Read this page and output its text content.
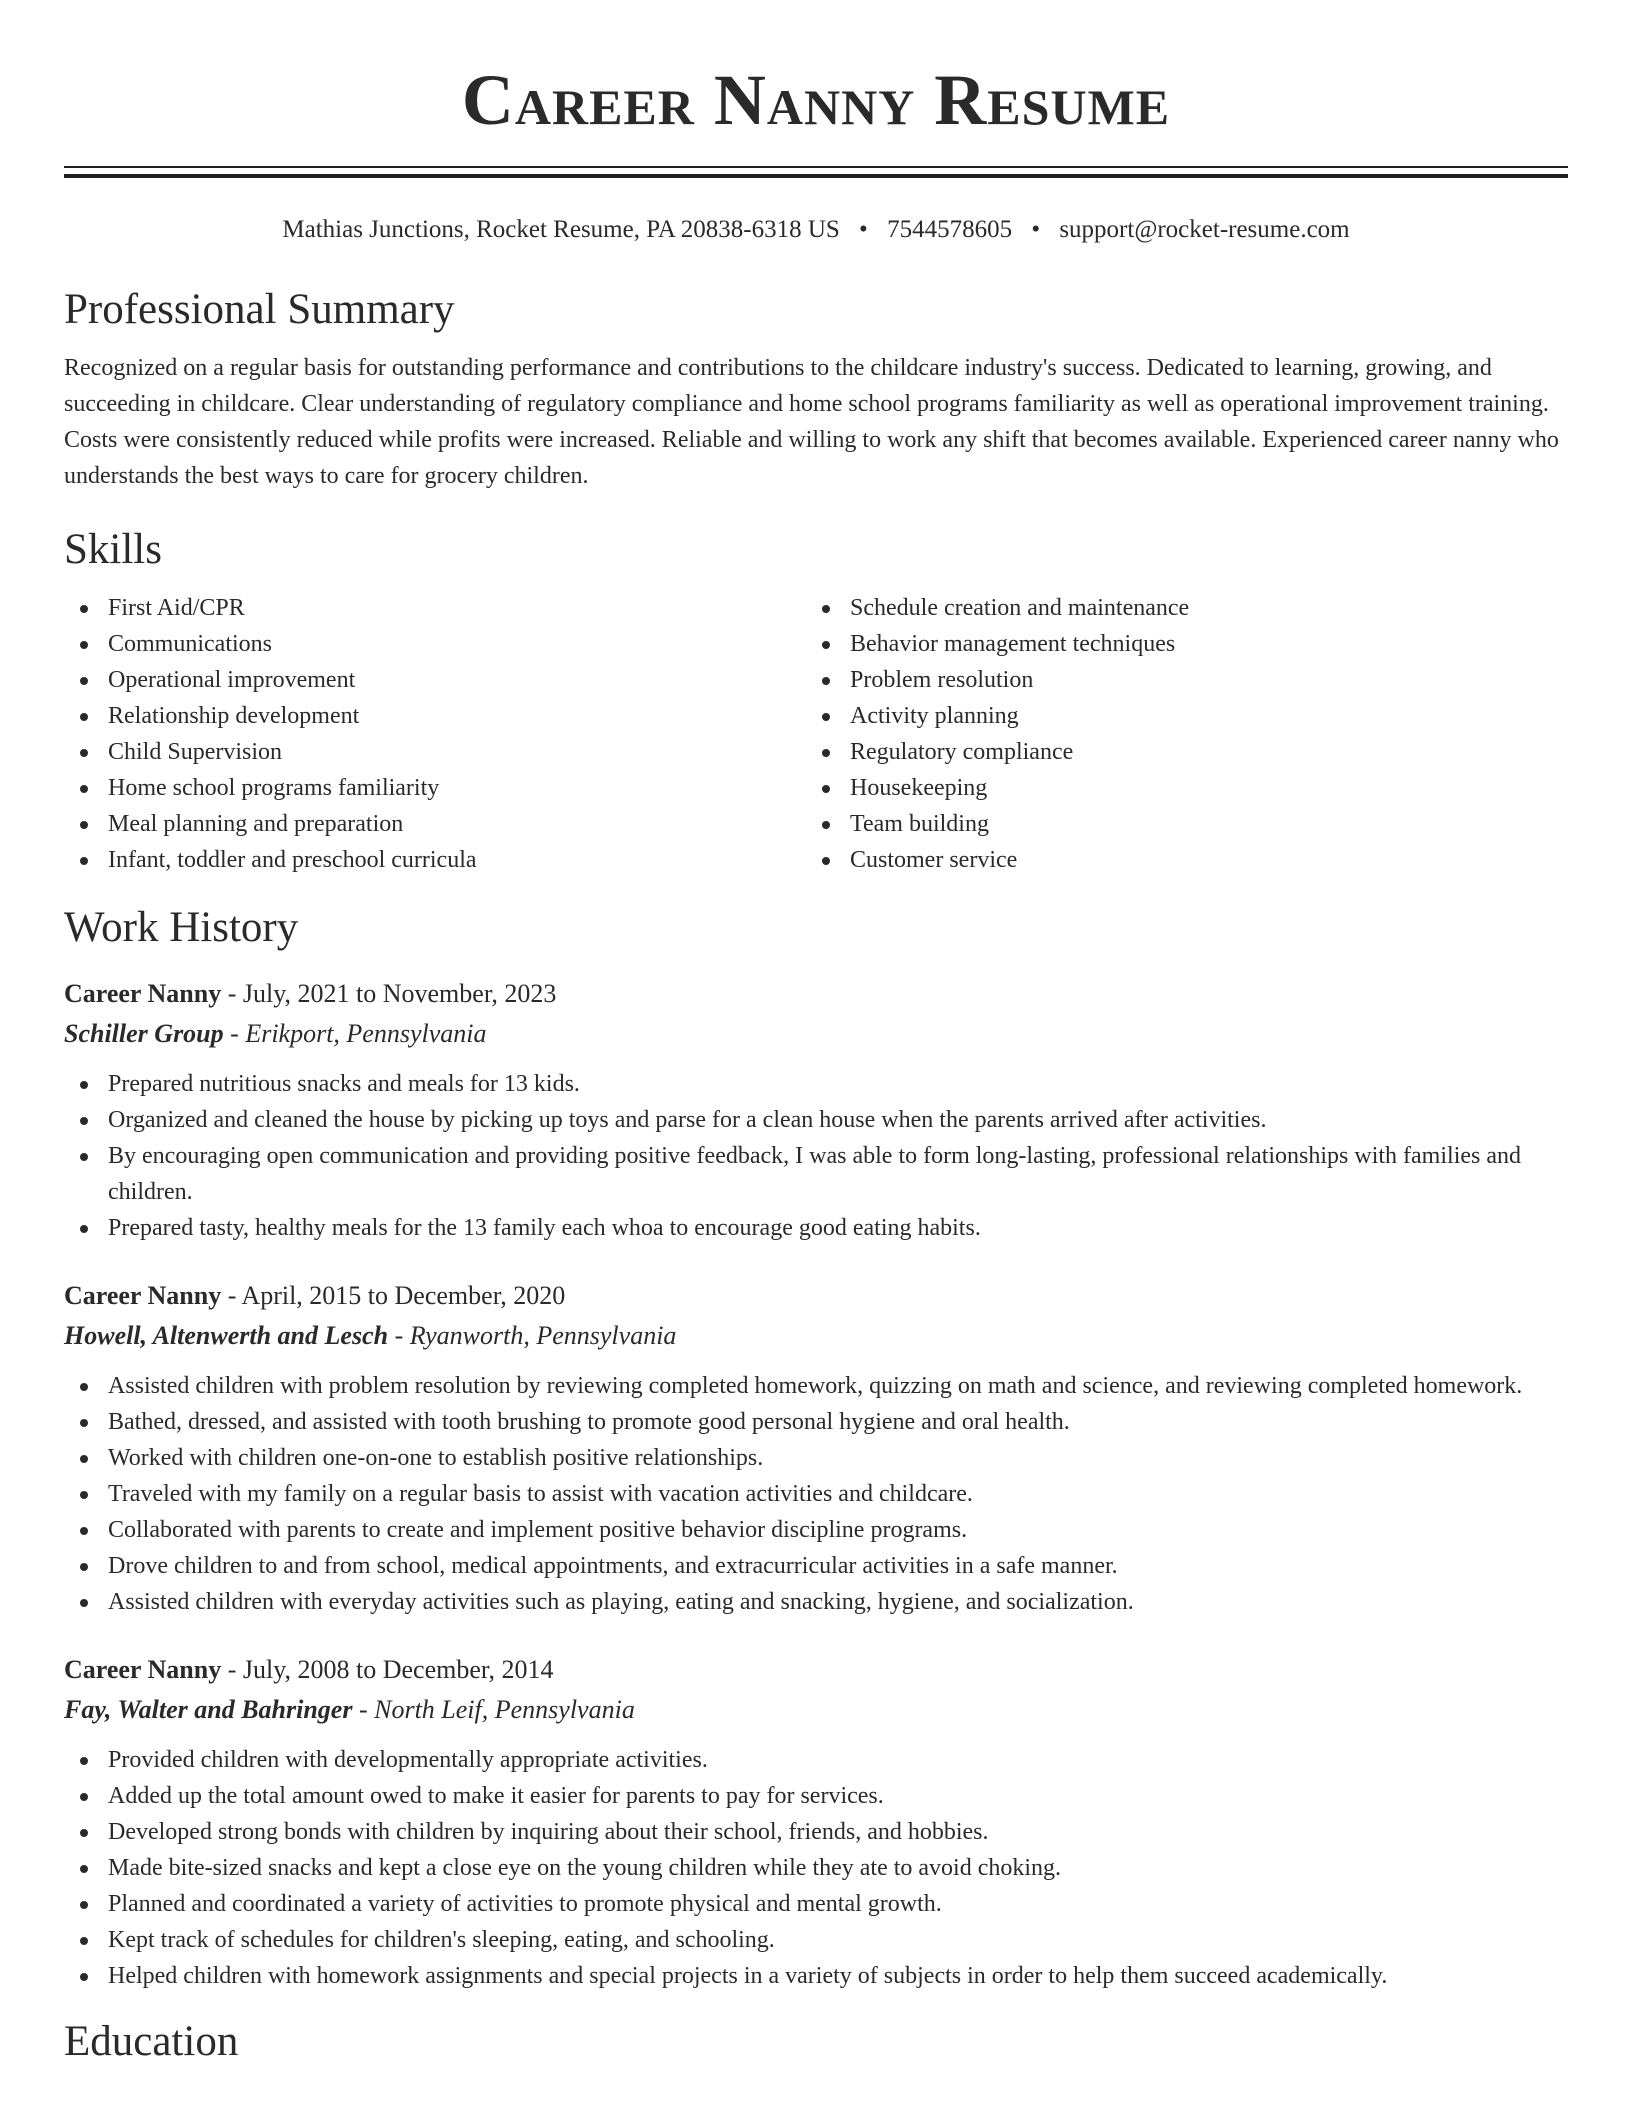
Career Nanny Resume
Mathias Junctions, Rocket Resume, PA 20838-6318 US • 7544578605 • support@rocket-resume.com
Professional Summary
Recognized on a regular basis for outstanding performance and contributions to the childcare industry's success. Dedicated to learning, growing, and succeeding in childcare. Clear understanding of regulatory compliance and home school programs familiarity as well as operational improvement training. Costs were consistently reduced while profits were increased. Reliable and willing to work any shift that becomes available. Experienced career nanny who understands the best ways to care for grocery children.
Skills
First Aid/CPR
Communications
Operational improvement
Relationship development
Child Supervision
Home school programs familiarity
Meal planning and preparation
Infant, toddler and preschool curricula
Schedule creation and maintenance
Behavior management techniques
Problem resolution
Activity planning
Regulatory compliance
Housekeeping
Team building
Customer service
Work History
Career Nanny - July, 2021 to November, 2023
Schiller Group - Erikport, Pennsylvania
Prepared nutritious snacks and meals for 13 kids.
Organized and cleaned the house by picking up toys and parse for a clean house when the parents arrived after activities.
By encouraging open communication and providing positive feedback, I was able to form long-lasting, professional relationships with families and children.
Prepared tasty, healthy meals for the 13 family each whoa to encourage good eating habits.
Career Nanny - April, 2015 to December, 2020
Howell, Altenwerth and Lesch - Ryanworth, Pennsylvania
Assisted children with problem resolution by reviewing completed homework, quizzing on math and science, and reviewing completed homework.
Bathed, dressed, and assisted with tooth brushing to promote good personal hygiene and oral health.
Worked with children one-on-one to establish positive relationships.
Traveled with my family on a regular basis to assist with vacation activities and childcare.
Collaborated with parents to create and implement positive behavior discipline programs.
Drove children to and from school, medical appointments, and extracurricular activities in a safe manner.
Assisted children with everyday activities such as playing, eating and snacking, hygiene, and socialization.
Career Nanny - July, 2008 to December, 2014
Fay, Walter and Bahringer - North Leif, Pennsylvania
Provided children with developmentally appropriate activities.
Added up the total amount owed to make it easier for parents to pay for services.
Developed strong bonds with children by inquiring about their school, friends, and hobbies.
Made bite-sized snacks and kept a close eye on the young children while they ate to avoid choking.
Planned and coordinated a variety of activities to promote physical and mental growth.
Kept track of schedules for children's sleeping, eating, and schooling.
Helped children with homework assignments and special projects in a variety of subjects in order to help them succeed academically.
Education
